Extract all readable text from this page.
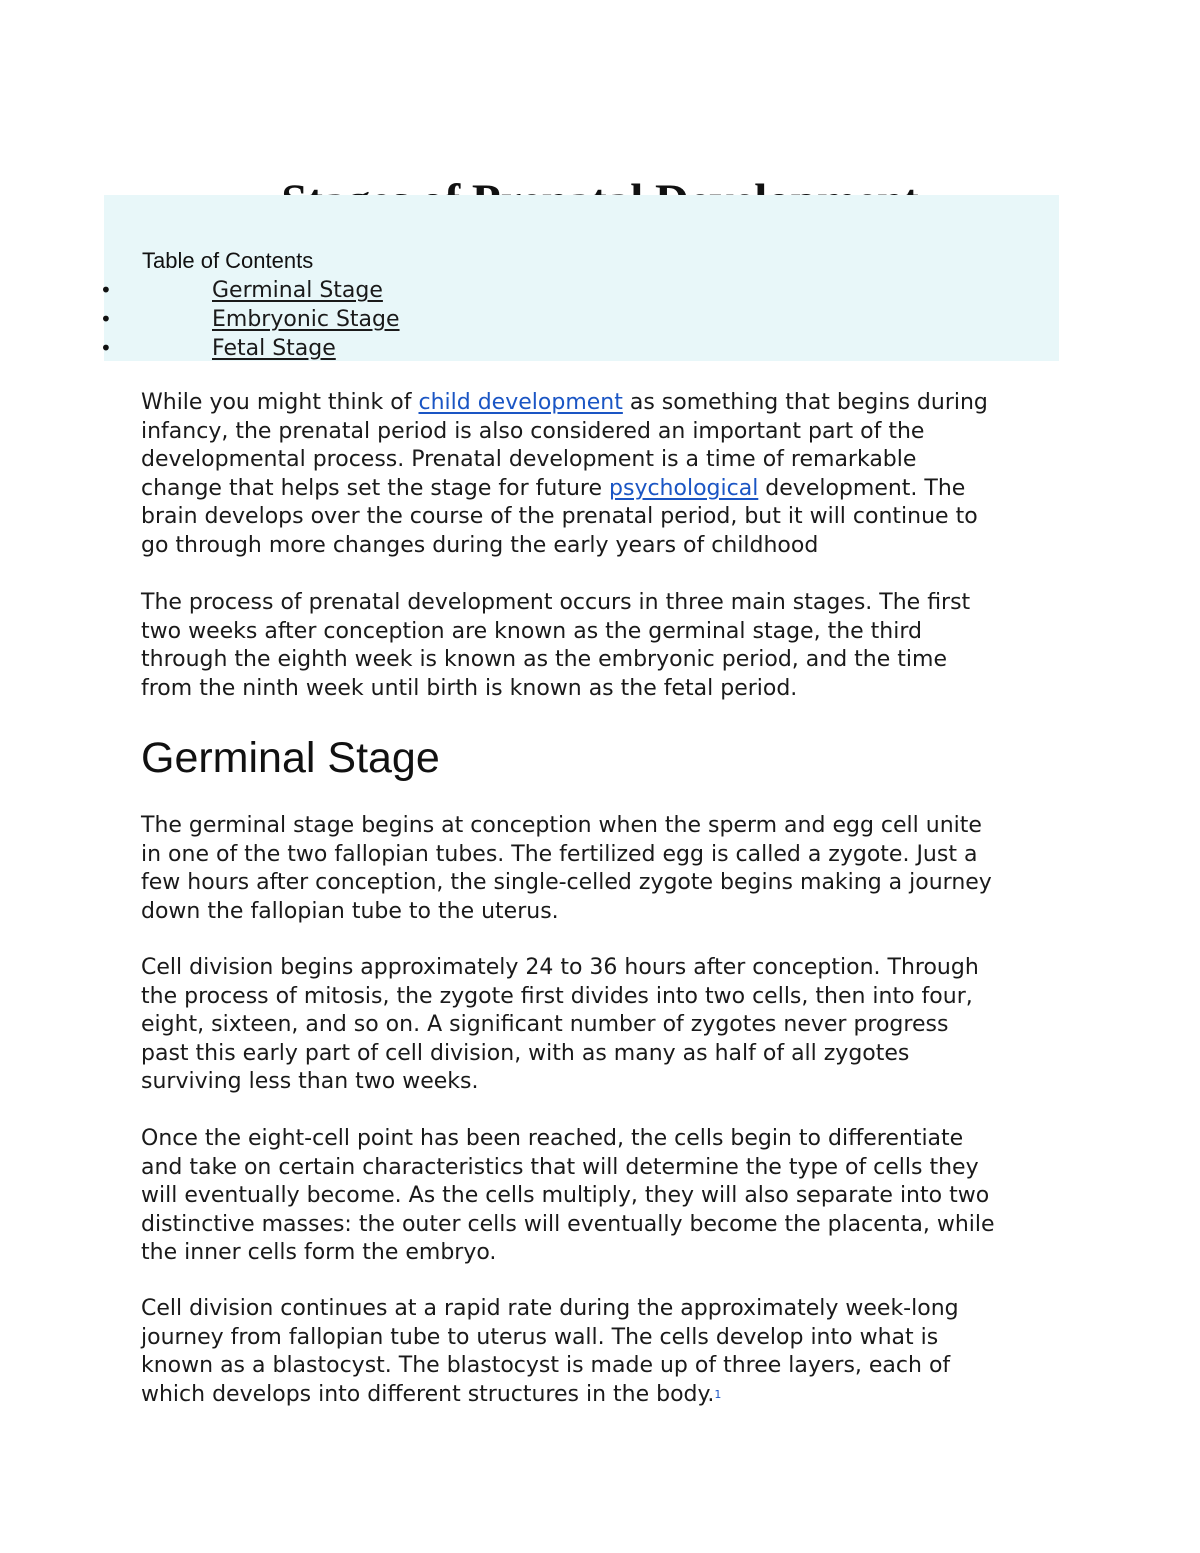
Table of Contents
•	Germinal Stage
•	Embryonic Stage
•	Fetal Stage

While you might think of child development as something that begins during
infancy, the prenatal period is also considered an important part of the
developmental process. Prenatal development is a time of remarkable
change that helps set the stage for future psychological development. The
brain develops over the course of the prenatal period, but it will continue to
go through more changes during the early years of childhood

The process of prenatal development occurs in three main stages. The first
two weeks after conception are known as the germinal stage, the third
through the eighth week is known as the embryonic period, and the time
from the ninth week until birth is known as the fetal period.

Germinal Stage

The germinal stage begins at conception when the sperm and egg cell unite
in one of the two fallopian tubes. The fertilized egg is called a zygote. Just a
few hours after conception, the single-celled zygote begins making a journey
down the fallopian tube to the uterus.

Cell division begins approximately 24 to 36 hours after conception. Through
the process of mitosis, the zygote first divides into two cells, then into four,
eight, sixteen, and so on. A significant number of zygotes never progress
past this early part of cell division, with as many as half of all zygotes
surviving less than two weeks.

Once the eight-cell point has been reached, the cells begin to differentiate
and take on certain characteristics that will determine the type of cells they
will eventually become. As the cells multiply, they will also separate into two
distinctive masses: the outer cells will eventually become the placenta, while
the inner cells form the embryo.

Cell division continues at a rapid rate during the approximately week-long
journey from fallopian tube to uterus wall. The cells develop into what is
known as a blastocyst. The blastocyst is made up of three layers, each of
which develops into different structures in the body.$^1$
